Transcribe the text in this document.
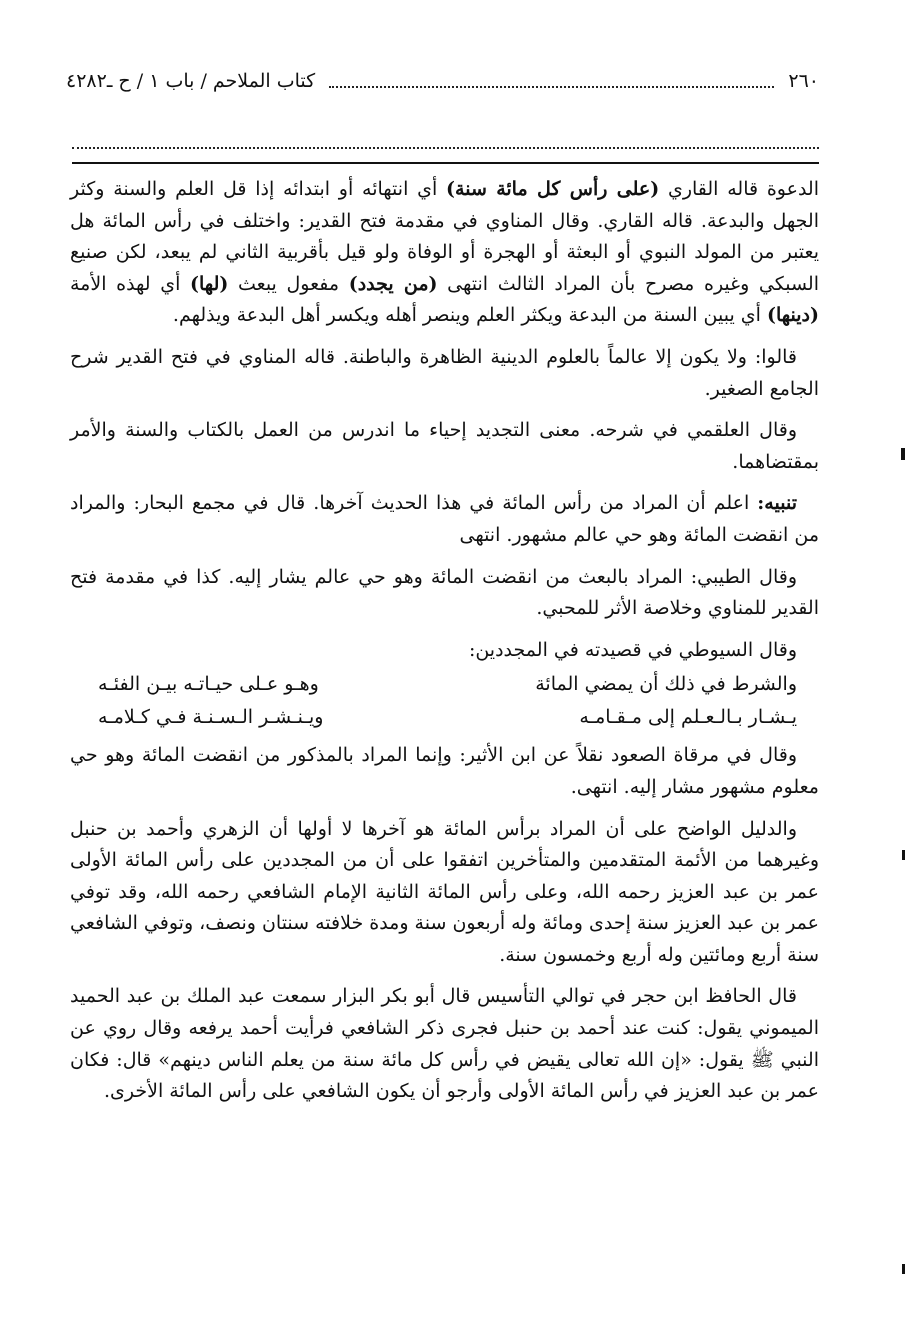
٢٦٠
كتاب الملاحم / باب ١ / ح ـ٤٢٨٢

الدعوة قاله القاري (على رأس كل مائة سنة) أي انتهائه أو ابتدائه إذا قل العلم والسنة وكثر الجهل والبدعة. قاله القاري. وقال المناوي في مقدمة فتح القدير: واختلف في رأس المائة هل يعتبر من المولد النبوي أو البعثة أو الهجرة أو الوفاة ولو قيل بأقربية الثاني لم يبعد، لكن صنيع السبكي وغيره مصرح بأن المراد الثالث انتهى (من يجدد) مفعول يبعث (لها) أي لهذه الأمة (دينها) أي يبين السنة من البدعة ويكثر العلم وينصر أهله ويكسر أهل البدعة ويذلهم.

قالوا: ولا يكون إلا عالماً بالعلوم الدينية الظاهرة والباطنة. قاله المناوي في فتح القدير شرح الجامع الصغير.

وقال العلقمي في شرحه. معنى التجديد إحياء ما اندرس من العمل بالكتاب والسنة والأمر بمقتضاهما.

تنبيه: اعلم أن المراد من رأس المائة في هذا الحديث آخرها. قال في مجمع البحار: والمراد من انقضت المائة وهو حي عالم مشهور. انتهى

وقال الطيبي: المراد بالبعث من انقضت المائة وهو حي عالم يشار إليه. كذا في مقدمة فتح القدير للمناوي وخلاصة الأثر للمحبي.

وقال السيوطي في قصيدته في المجددين:

والشرط في ذلك أن يمضي المائة
وهـو عـلى حيـاتـه بيـن الفئـه
يـشـار بـالـعـلم إلى مـقـامـه
ويـنـشـر الـسـنـة فـي كـلامـه

وقال في مرقاة الصعود نقلاً عن ابن الأثير: وإنما المراد بالمذكور من انقضت المائة وهو حي معلوم مشهور مشار إليه. انتهى.

والدليل الواضح على أن المراد برأس المائة هو آخرها لا أولها أن الزهري وأحمد بن حنبل وغيرهما من الأئمة المتقدمين والمتأخرين اتفقوا على أن من المجددين على رأس المائة الأولى عمر بن عبد العزيز رحمه الله، وعلى رأس المائة الثانية الإمام الشافعي رحمه الله، وقد توفي عمر بن عبد العزيز سنة إحدى ومائة وله أربعون سنة ومدة خلافته سنتان ونصف، وتوفي الشافعي سنة أربع ومائتين وله أربع وخمسون سنة.

قال الحافظ ابن حجر في توالي التأسيس قال أبو بكر البزار سمعت عبد الملك بن عبد الحميد الميموني يقول: كنت عند أحمد بن حنبل فجرى ذكر الشافعي فرأيت أحمد يرفعه وقال روي عن النبي ﷺ يقول: «إن الله تعالى يقيض في رأس كل مائة سنة من يعلم الناس دينهم» قال: فكان عمر بن عبد العزيز في رأس المائة الأولى وأرجو أن يكون الشافعي على رأس المائة الأخرى.
